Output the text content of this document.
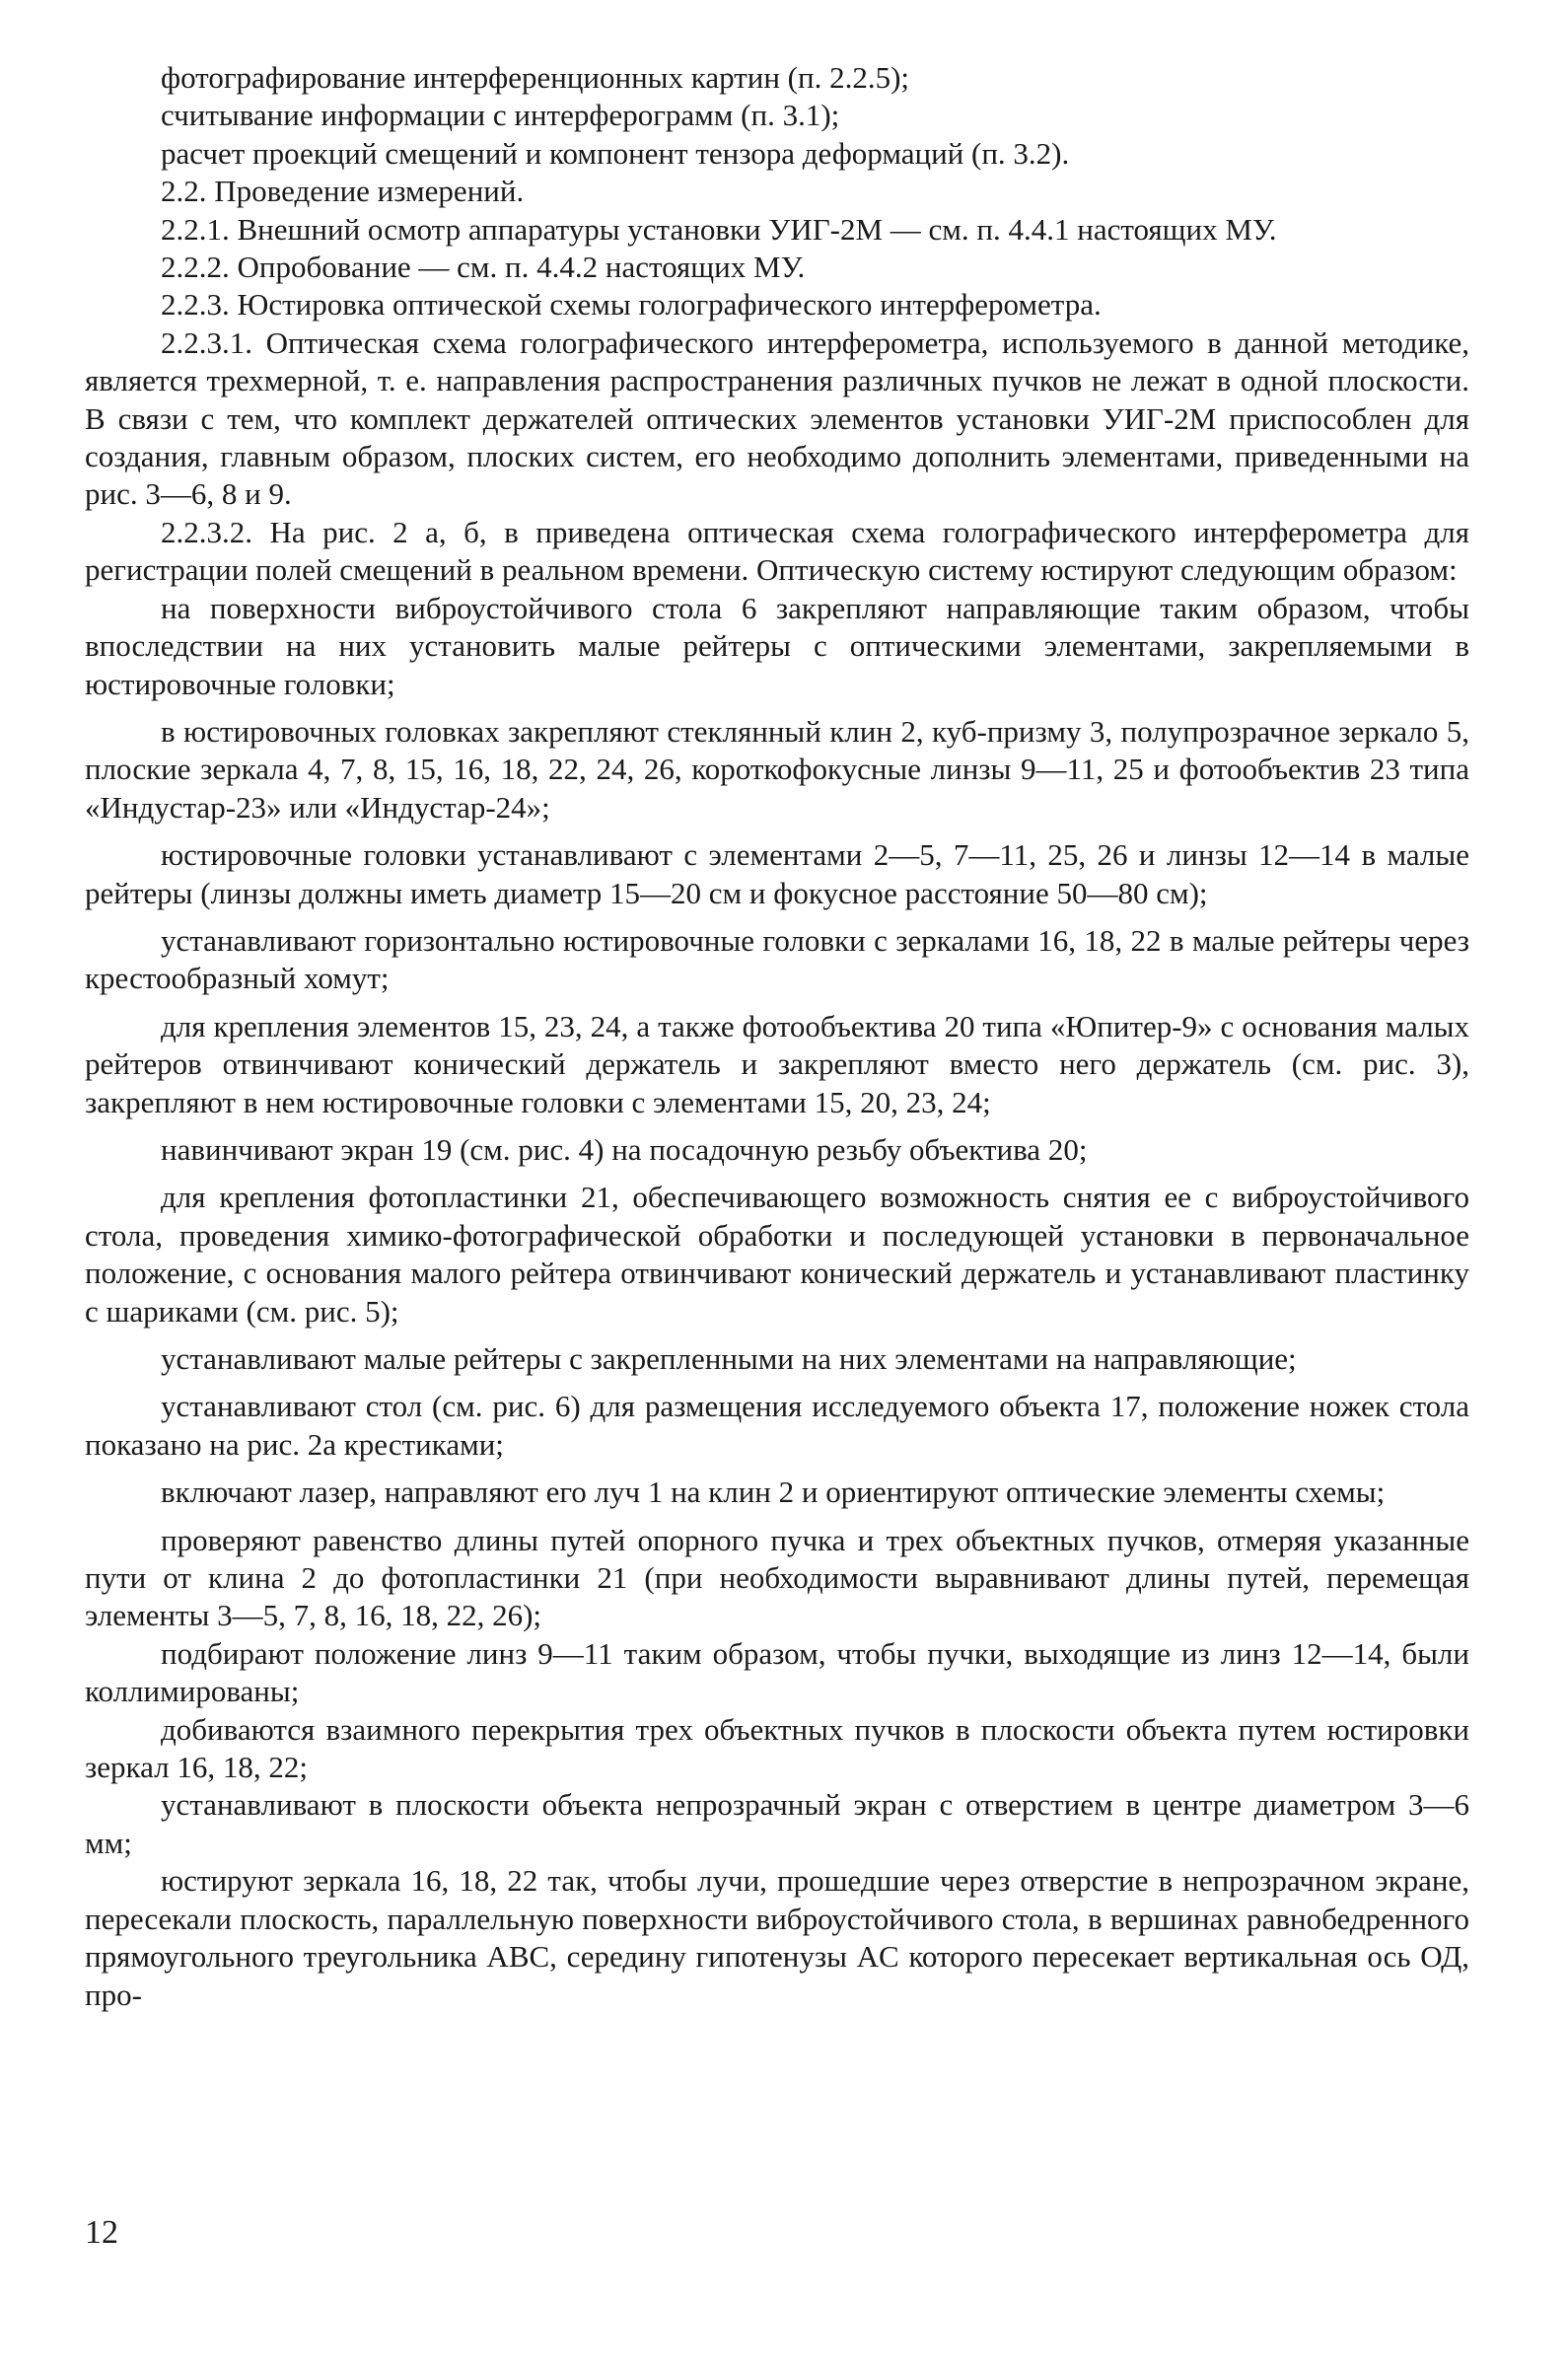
фотографирование интерференционных картин (п. 2.2.5);

считывание информации с интерферограмм (п. 3.1);

расчет проекций смещений и компонент тензора деформаций (п. 3.2).

2.2. Проведение измерений.

2.2.1. Внешний осмотр аппаратуры установки УИГ-2М — см. п. 4.4.1 настоящих МУ.

2.2.2. Опробование — см. п. 4.4.2 настоящих МУ.

2.2.3. Юстировка оптической схемы голографического интерферометра.

2.2.3.1. Оптическая схема голографического интерферометра, используемого в данной методике, является трехмерной, т. е. направления распространения различных пучков не лежат в одной плоскости. В связи с тем, что комплект держателей оптических элементов установки УИГ-2М приспособлен для создания, главным образом, плоских систем, его необходимо дополнить элементами, приведенными на рис. 3—6, 8 и 9.

2.2.3.2. На рис. 2 а, б, в приведена оптическая схема голографического интерферометра для регистрации полей смещений в реальном времени. Оптическую систему юстируют следующим образом:

на поверхности виброустойчивого стола 6 закрепляют направляющие таким образом, чтобы впоследствии на них установить малые рейтеры с оптическими элементами, закрепляемыми в юстировочные головки;

в юстировочных головках закрепляют стеклянный клин 2, куб-призму 3, полупрозрачное зеркало 5, плоские зеркала 4, 7, 8, 15, 16, 18, 22, 24, 26, короткофокусные линзы 9—11, 25 и фотообъектив 23 типа «Индустар-23» или «Индустар-24»;

юстировочные головки устанавливают с элементами 2—5, 7—11, 25, 26 и линзы 12—14 в малые рейтеры (линзы должны иметь диаметр 15—20 см и фокусное расстояние 50—80 см);

устанавливают горизонтально юстировочные головки с зеркалами 16, 18, 22 в малые рейтеры через крестообразный хомут;

для крепления элементов 15, 23, 24, а также фотообъектива 20 типа «Юпитер-9» с основания малых рейтеров отвинчивают конический держатель и закрепляют вместо него держатель (см. рис. 3), закрепляют в нем юстировочные головки с элементами 15, 20, 23, 24;

навинчивают экран 19 (см. рис. 4) на посадочную резьбу объектива 20;

для крепления фотопластинки 21, обеспечивающего возможность снятия ее с виброустойчивого стола, проведения химико-фотографической обработки и последующей установки в первоначальное положение, с основания малого рейтера отвинчивают конический держатель и устанавливают пластинку с шариками (см. рис. 5);

устанавливают малые рейтеры с закрепленными на них элементами на направляющие;

устанавливают стол (см. рис. 6) для размещения исследуемого объекта 17, положение ножек стола показано на рис. 2а крестиками;

включают лазер, направляют его луч 1 на клин 2 и ориентируют оптические элементы схемы;

проверяют равенство длины путей опорного пучка и трех объектных пучков, отмеряя указанные пути от клина 2 до фотопластинки 21 (при необходимости выравнивают длины путей, перемещая элементы 3—5, 7, 8, 16, 18, 22, 26);

подбирают положение линз 9—11 таким образом, чтобы пучки, выходящие из линз 12—14, были коллимированы;

добиваются взаимного перекрытия трех объектных пучков в плоскости объекта путем юстировки зеркал 16, 18, 22;

устанавливают в плоскости объекта непрозрачный экран с отверстием в центре диаметром 3—6 мм;

юстируют зеркала 16, 18, 22 так, чтобы лучи, прошедшие через отверстие в непрозрачном экране, пересекали плоскость, параллельную поверхности виброустойчивого стола, в вершинах равнобедренного прямоугольного треугольника ABC, середину гипотенузы AC которого пересекает вертикальная ось ОД, про-

12
